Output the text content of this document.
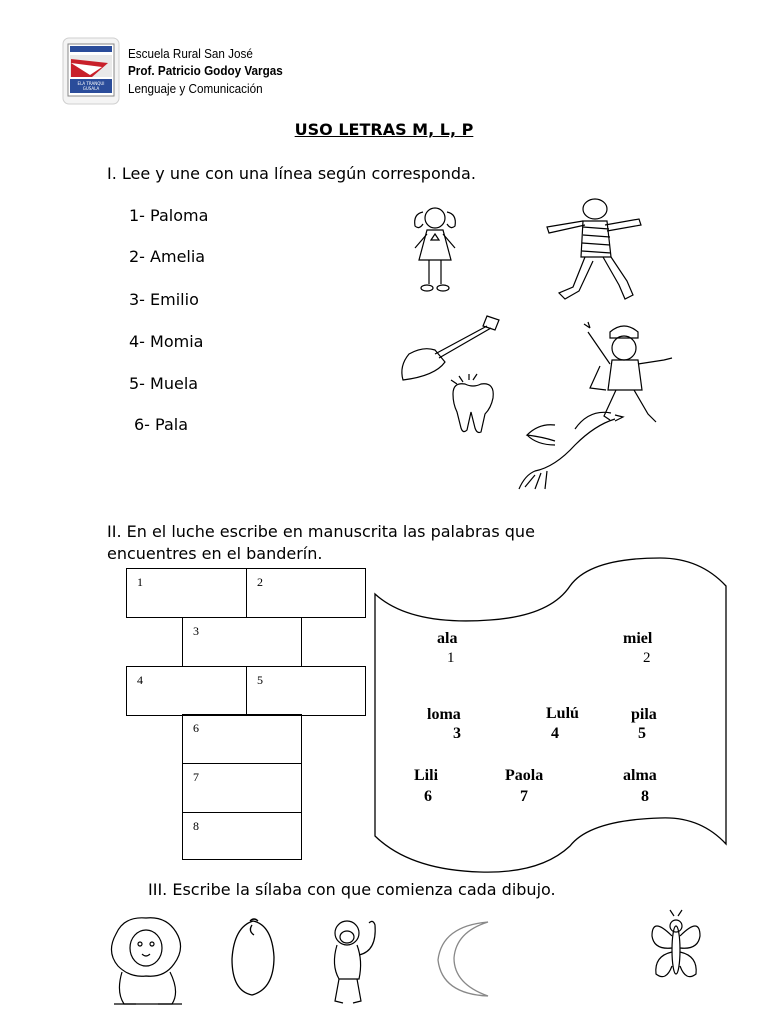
ELA TRANQUI GUSALA
Escuela Rural San José
Prof. Patricio Godoy Vargas
Lenguaje y Comunicación
USO LETRAS M, L, P
I. Lee y une con una línea según corresponda.
1- Paloma
2- Amelia
3- Emilio
4- Momia
5- Muela
6- Pala
II. En el luche escribe en manuscrita las palabras que
encuentres en el banderín.
1	2
3
4	5
6
7
8
ala
1
miel
2
loma
3
Lulú
4
pila
5
Lili
6
Paola
7
alma
8
III. Escribe la sílaba con que comienza cada dibujo.
